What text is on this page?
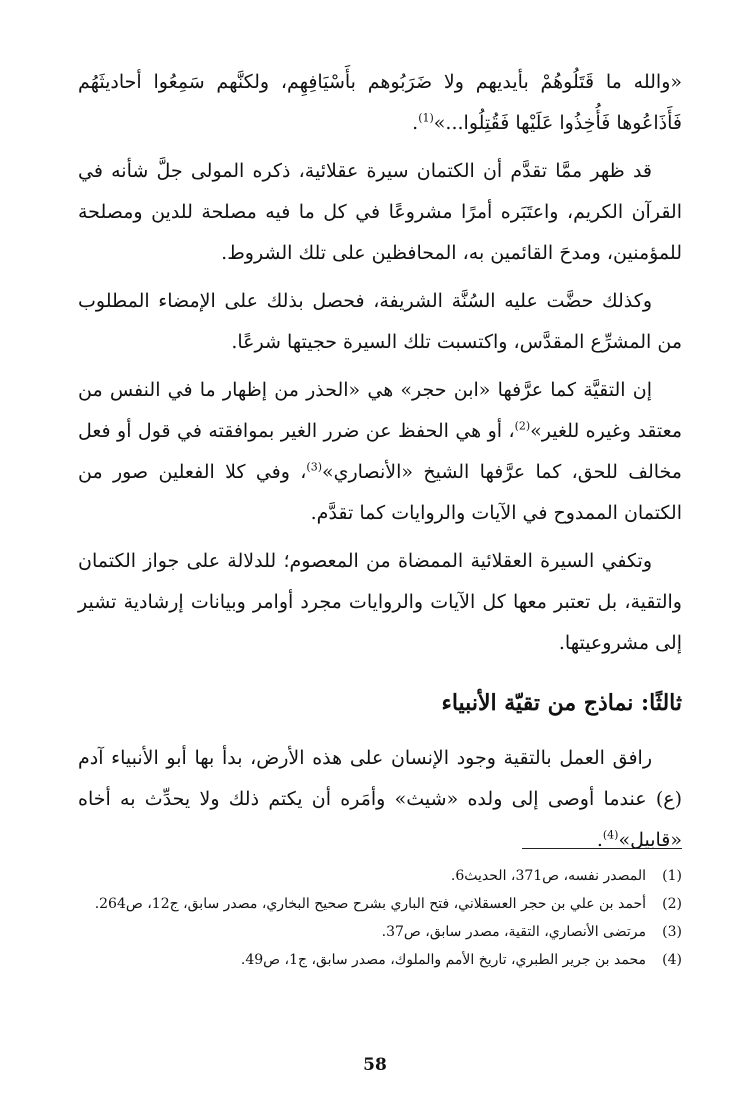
«والله ما قَتَلُوهُمْ بأيديهم ولا ضَرَبُوهم بأَسْيَافِهِم، ولكنَّهم سَمِعُوا أحاديثَهُم فَأَذَاعُوها فَأُخِذُوا عَلَيْها فَقُتِلُوا...»$^{(1)}$.

قد ظهر ممَّا تقدَّم أن الكتمان سيرة عقلائية، ذكره المولى جلَّ شأنه في القرآن الكريم، واعتَبَره أمرًا مشروعًا في كل ما فيه مصلحة للدين ومصلحة للمؤمنين، ومدحَ القائمين به، المحافظين على تلك الشروط.

وكذلك حضَّت عليه السُنَّة الشريفة، فحصل بذلك على الإمضاء المطلوب من المشرِّع المقدَّس، واكتسبت تلك السيرة حجيتها شرعًا.

إن التقيَّة كما عرَّفها «ابن حجر» هي «الحذر من إظهار ما في النفس من معتقد وغيره للغير»$^{(2)}$، أو هي الحفظ عن ضرر الغير بموافقته في قول أو فعل مخالف للحق، كما عرَّفها الشيخ «الأنصاري»$^{(3)}$، وفي كلا الفعلين صور من الكتمان الممدوح في الآيات والروايات كما تقدَّم.

وتكفي السيرة العقلائية الممضاة من المعصوم؛ للدلالة على جواز الكتمان والتقية، بل تعتبر معها كل الآيات والروايات مجرد أوامر وبيانات إرشادية تشير إلى مشروعيتها.

ثالثًا: نماذج من تقيّة الأنبياء

رافق العمل بالتقية وجود الإنسان على هذه الأرض، بدأ بها أبو الأنبياء آدم (ع) عندما أوصى إلى ولده «شيث» وأمَره أن يكتم ذلك ولا يحدِّث به أخاه «قابيل»$^{(4)}$.

(1)
المصدر نفسه، ص371، الحديث6.
(2)
أحمد بن علي بن حجر العسقلاني، فتح الباري بشرح صحيح البخاري، مصدر سابق، ج12، ص264.
(3)
مرتضى الأنصاري، التقية، مصدر سابق، ص37.
(4)
محمد بن جرير الطبري، تاريخ الأمم والملوك، مصدر سابق، ج1، ص49.
58
